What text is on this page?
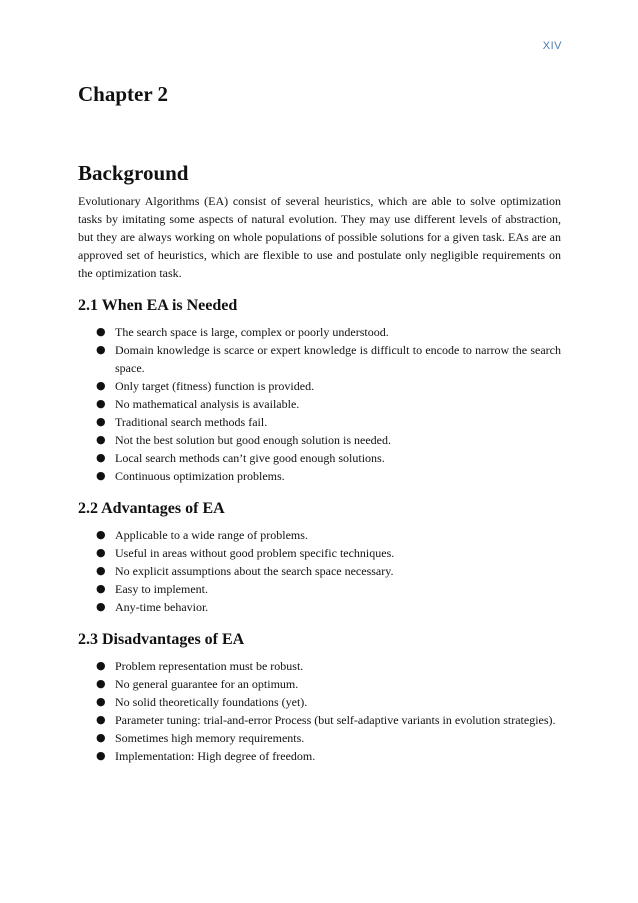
XIV
Chapter 2
Background

Evolutionary Algorithms (EA) consist of several heuristics, which are able to solve optimization tasks by imitating some aspects of natural evolution. They may use different levels of abstraction, but they are always working on whole populations of possible solutions for a given task. EAs are an approved set of heuristics, which are flexible to use and postulate only negligible requirements on the optimization task.

2.1 When EA is Needed
● The search space is large, complex or poorly understood.
● Domain knowledge is scarce or expert knowledge is difficult to encode to narrow the search space.
● Only target (fitness) function is provided.
● No mathematical analysis is available.
● Traditional search methods fail.
● Not the best solution but good enough solution is needed.
● Local search methods can’t give good enough solutions.
● Continuous optimization problems.
2.2 Advantages of EA
● Applicable to a wide range of problems.
● Useful in areas without good problem specific techniques.
● No explicit assumptions about the search space necessary.
● Easy to implement.
● Any-time behavior.
2.3 Disadvantages of EA
● Problem representation must be robust.
● No general guarantee for an optimum.
● No solid theoretically foundations (yet).
● Parameter tuning: trial-and-error Process (but self-adaptive variants in evolution strategies).
● Sometimes high memory requirements.
● Implementation: High degree of freedom.
